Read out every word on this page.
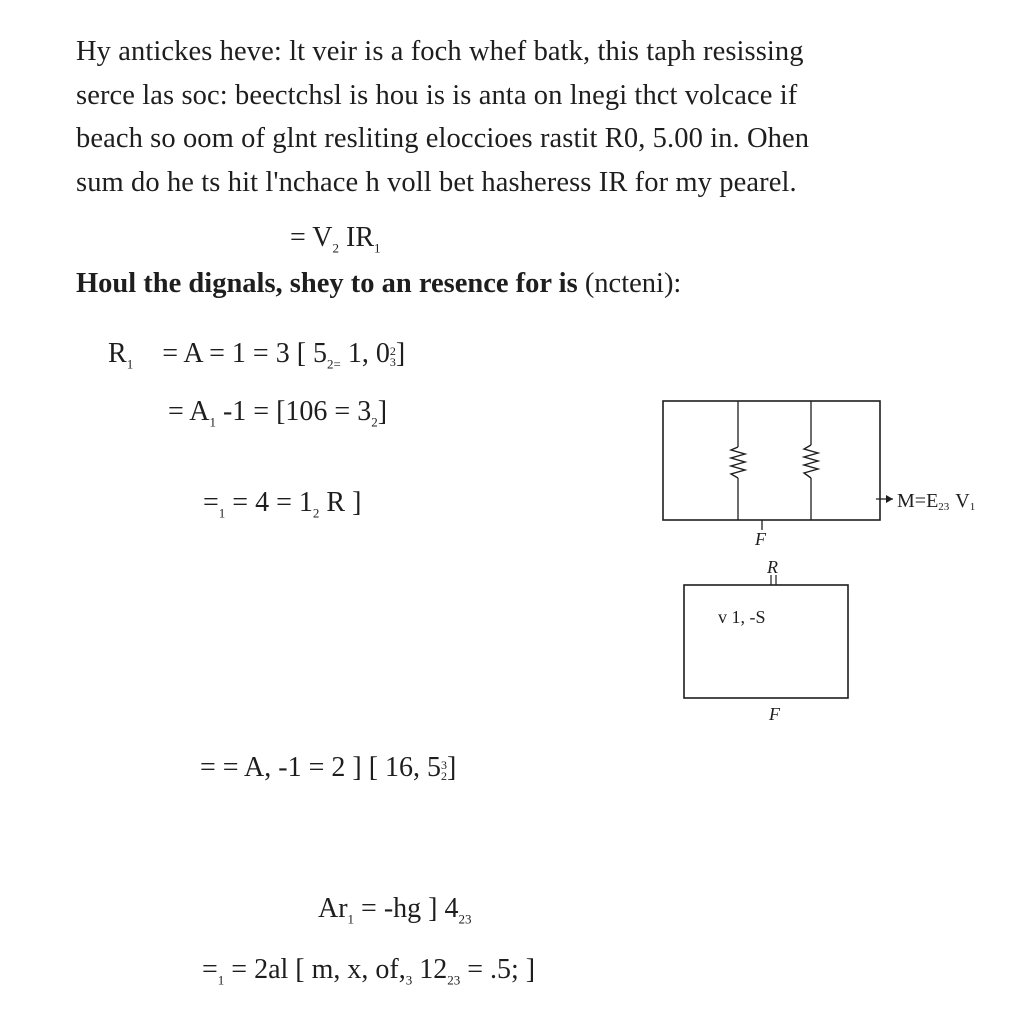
Hy antickes heve: lt veir is a foch whef batk, this taph resissing
serce las soc: beectchsl is hou is is anta on lnegi thct volcace if
beach so oom of glnt resliting eloccioes rastit R0, 5.00 in. Ohen
sum do he ts hit l'nchace h voll bet hasheress IR for my pearel.
= $V_2$ $IR_1$
Houl the dignals, shey to an resence for is (ncteni):
$R_1 = A = 1 = 3$ [ $5_{2=}$ 1, 02
3]
= $A_1$ $-1 = [106 = 3_2]$
$=_1 = 4 = 1_2$ R ]
= = A, -1 = 2 ] [ 16, 53
2]
$Ar_1 = -hg$ ] $4_{23}$
$=_1 = 2al$ [ m, x, $of,_3$ $12_{23} = .5$; ]
M=E23 V1
F
R
v 1, -S
F
